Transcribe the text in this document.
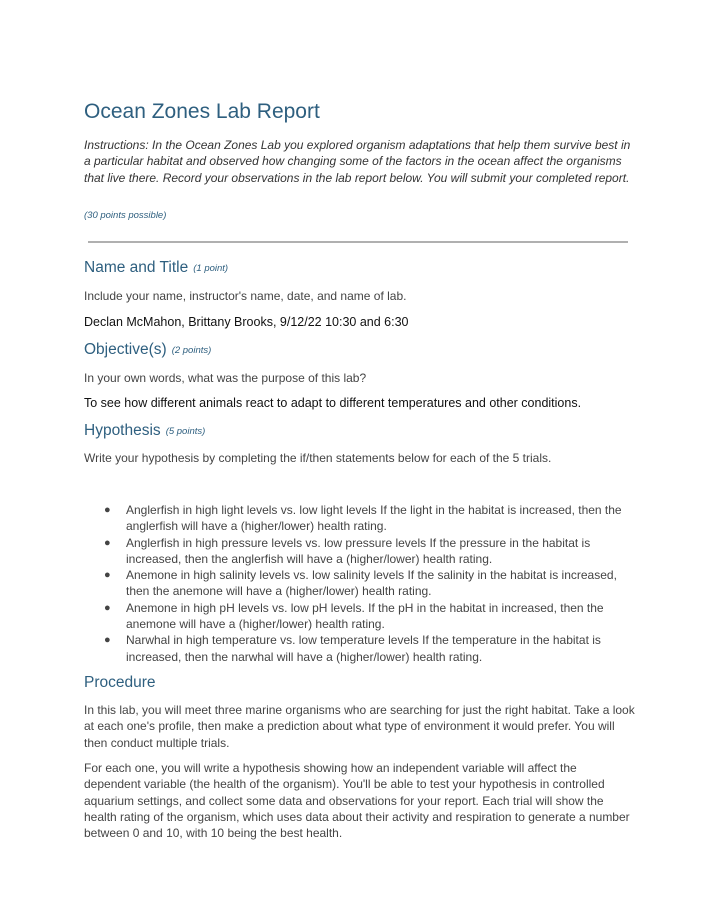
Ocean Zones Lab Report
Instructions: In the Ocean Zones Lab you explored organism adaptations that help them survive best in a particular habitat and observed how changing some of the factors in the ocean affect the organisms that live there. Record your observations in the lab report below. You will submit your completed report.
(30 points possible)
Name and Title (1 point)
Include your name, instructor's name, date, and name of lab.
Declan McMahon, Brittany Brooks, 9/12/22 10:30 and 6:30
Objective(s) (2 points)
In your own words, what was the purpose of this lab?
To see how different animals react to adapt to different temperatures and other conditions.
Hypothesis (5 points)
Write your hypothesis by completing the if/then statements below for each of the 5 trials.
● Anglerfish in high light levels vs. low light levels If the light in the habitat is increased, then the anglerfish will have a (higher/lower) health rating.
● Anglerfish in high pressure levels vs. low pressure levels If the pressure in the habitat is increased, then the anglerfish will have a (higher/lower) health rating.
● Anemone in high salinity levels vs. low salinity levels If the salinity in the habitat is increased, then the anemone will have a (higher/lower) health rating.
● Anemone in high pH levels vs. low pH levels. If the pH in the habitat in increased, then the anemone will have a (higher/lower) health rating.
● Narwhal in high temperature vs. low temperature levels If the temperature in the habitat is increased, then the narwhal will have a (higher/lower) health rating.
Procedure
In this lab, you will meet three marine organisms who are searching for just the right habitat. Take a look at each one's profile, then make a prediction about what type of environment it would prefer. You will then conduct multiple trials.
For each one, you will write a hypothesis showing how an independent variable will affect the dependent variable (the health of the organism). You'll be able to test your hypothesis in controlled aquarium settings, and collect some data and observations for your report. Each trial will show the health rating of the organism, which uses data about their activity and respiration to generate a number between 0 and 10, with 10 being the best health.
